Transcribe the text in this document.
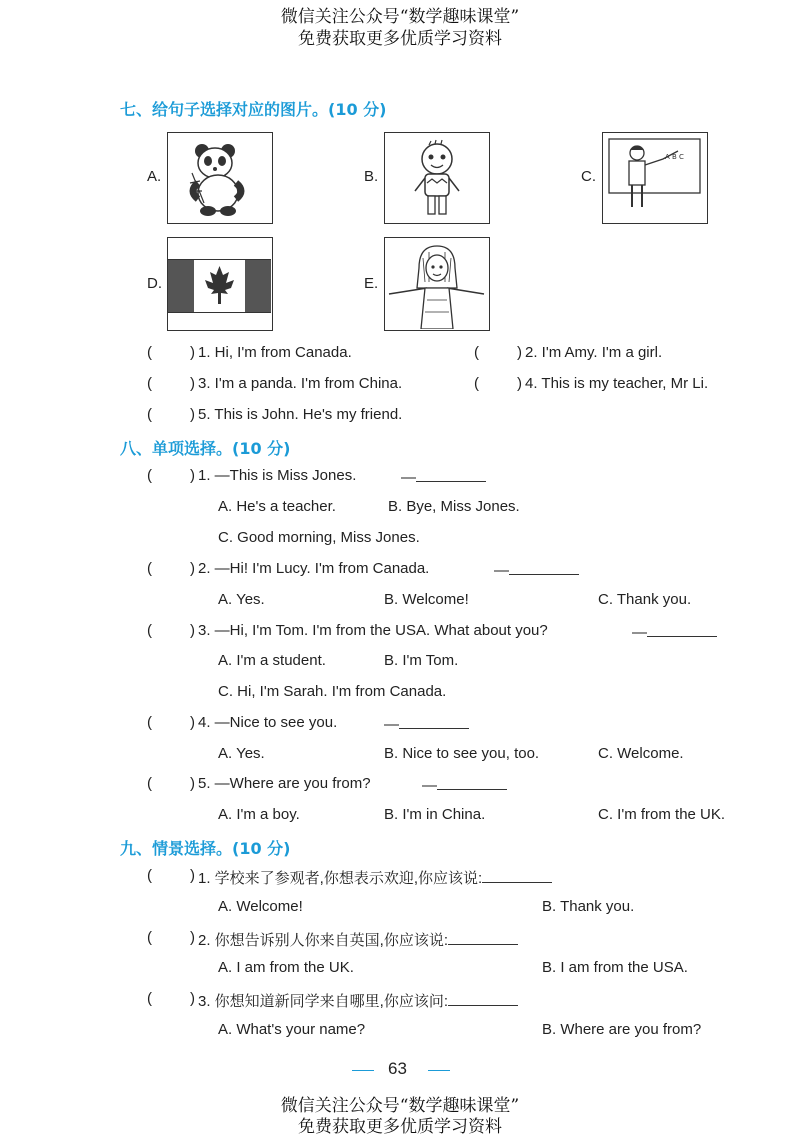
微信关注公众号“数学趣味课堂”
免费获取更多优质学习资料
七、给句子选择对应的图片。(10 分)
A.	B.	C.
A B C
D.	E.
(	) 1. Hi, I'm from Canada.	(	) 2. I'm Amy. I'm a girl.
(	) 3. I'm a panda. I'm from China.	(	) 4. This is my teacher, Mr Li.
(	) 5. This is John. He's my friend.
八、单项选择。(10 分)
(	) 1. —This is Miss Jones.	—
A. He's a teacher.	B. Bye, Miss Jones.
C. Good morning, Miss Jones.
(	) 2. —Hi! I'm Lucy. I'm from Canada.	—
A. Yes.	B. Welcome!	C. Thank you.
(	) 3. —Hi, I'm Tom. I'm from the USA. What about you?	—
A. I'm a student.	B. I'm Tom.
C. Hi, I'm Sarah. I'm from Canada.
(	) 4. —Nice to see you.	—
A. Yes.	B. Nice to see you, too.	C. Welcome.
(	) 5. —Where are you from?	—
A. I'm a boy.	B. I'm in China.	C. I'm from the UK.
九、情景选择。(10 分)
(	) 1. 学校来了参观者,你想表示欢迎,你应该说:
A. Welcome!	B. Thank you.
(	) 2. 你想告诉别人你来自英国,你应该说:
A. I am from the UK.	B. I am from the USA.
(	) 3. 你想知道新同学来自哪里,你应该问:
A. What's your name?	B. Where are you from?
63
微信关注公众号“数学趣味课堂”
免费获取更多优质学习资料
